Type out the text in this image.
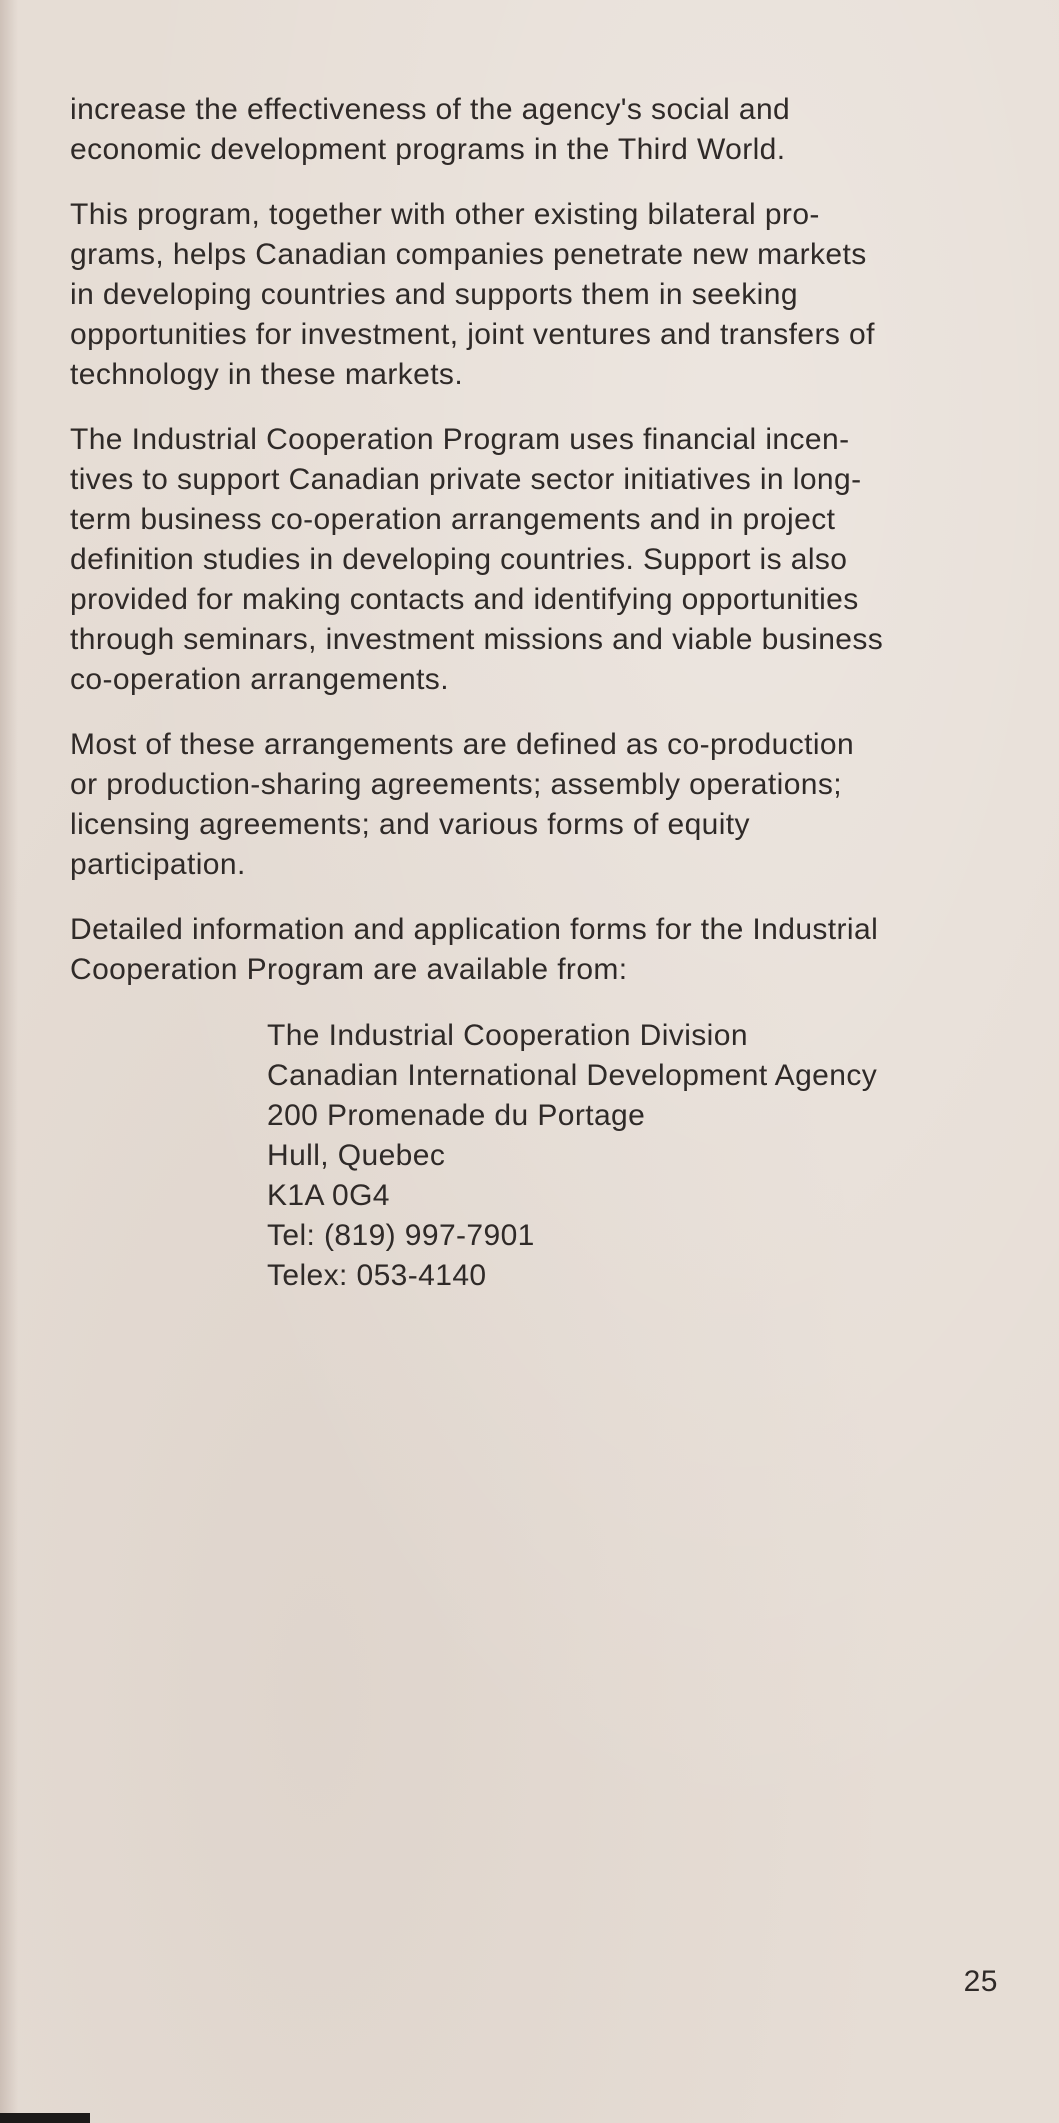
increase the effectiveness of the agency's social and
economic development programs in the Third World.

This program, together with other existing bilateral pro-
grams, helps Canadian companies penetrate new markets
in developing countries and supports them in seeking
opportunities for investment, joint ventures and transfers of
technology in these markets.

The Industrial Cooperation Program uses financial incen-
tives to support Canadian private sector initiatives in long-
term business co-operation arrangements and in project
definition studies in developing countries. Support is also
provided for making contacts and identifying opportunities
through seminars, investment missions and viable business
co-operation arrangements.

Most of these arrangements are defined as co-production
or production-sharing agreements; assembly operations;
licensing agreements; and various forms of equity
participation.

Detailed information and application forms for the Industrial
Cooperation Program are available from:

The Industrial Cooperation Division
Canadian International Development Agency
200 Promenade du Portage
Hull, Quebec
K1A 0G4
Tel: (819) 997-7901
Telex: 053-4140
25
